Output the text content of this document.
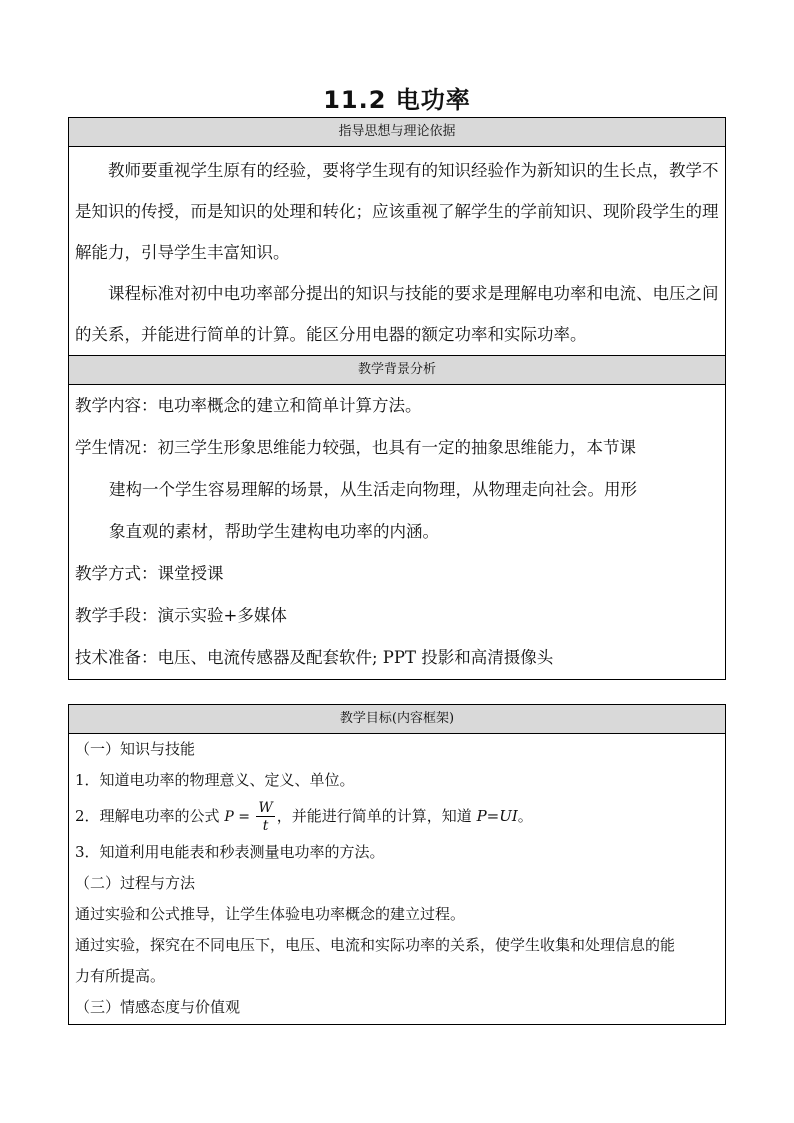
11.2 电功率
指导思想与理论依据

教师要重视学生原有的经验，要将学生现有的知识经验作为新知识的生长点，教学不是知识的传授，而是知识的处理和转化；应该重视了解学生的学前知识、现阶段学生的理解能力，引导学生丰富知识。

课程标准对初中电功率部分提出的知识与技能的要求是理解电功率和电流、电压之间的关系，并能进行简单的计算。能区分用电器的额定功率和实际功率。

教学背景分析

教学内容：电功率概念的建立和简单计算方法。

学生情况：初三学生形象思维能力较强，也具有一定的抽象思维能力，本节课

建构一个学生容易理解的场景，从生活走向物理，从物理走向社会。用形

象直观的素材，帮助学生建构电功率的内涵。

教学方式：课堂授课

教学手段：演示实验+多媒体

技术准备：电压、电流传感器及配套软件; PPT 投影和高清摄像头

教学目标(内容框架)

（一）知识与技能

1．知道电功率的物理意义、定义、单位。

2．理解电功率的公式 $P = \frac{W}{t}$ ，并能进行简单的计算，知道 P=UI。

3．知道利用电能表和秒表测量电功率的方法。

（二）过程与方法

通过实验和公式推导，让学生体验电功率概念的建立过程。

通过实验，探究在不同电压下，电压、电流和实际功率的关系，使学生收集和处理信息的能

力有所提高。

（三）情感态度与价值观
